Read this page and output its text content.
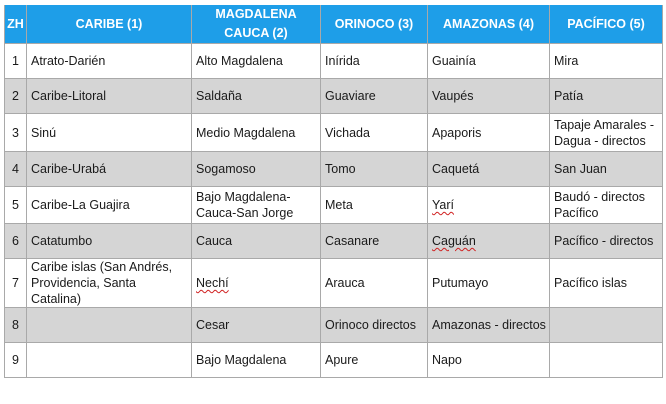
ZH	CARIBE (1)	MAGDALENA CAUCA (2)	ORINOCO (3)	AMAZONAS (4)	PACÍFICO (5)
1	Atrato-Darién	Alto Magdalena	Inírida	Guainía	Mira
2	Caribe-Litoral	Saldaña	Guaviare	Vaupés	Patía
3	Sinú	Medio Magdalena	Vichada	Apaporis	Tapaje Amarales -Dagua - directos
4	Caribe-Urabá	Sogamoso	Tomo	Caquetá	San Juan
5	Caribe-La Guajira	Bajo Magdalena-Cauca-San Jorge	Meta	Yarí	Baudó - directos Pacífico
6	Catatumbo	Cauca	Casanare	Caguán	Pacífico - directos
7	Caribe islas (San Andrés, Providencia, Santa Catalina)	Nechí	Arauca	Putumayo	Pacífico islas
8		Cesar	Orinoco directos	Amazonas - directos	
9		Bajo Magdalena	Apure	Napo	
